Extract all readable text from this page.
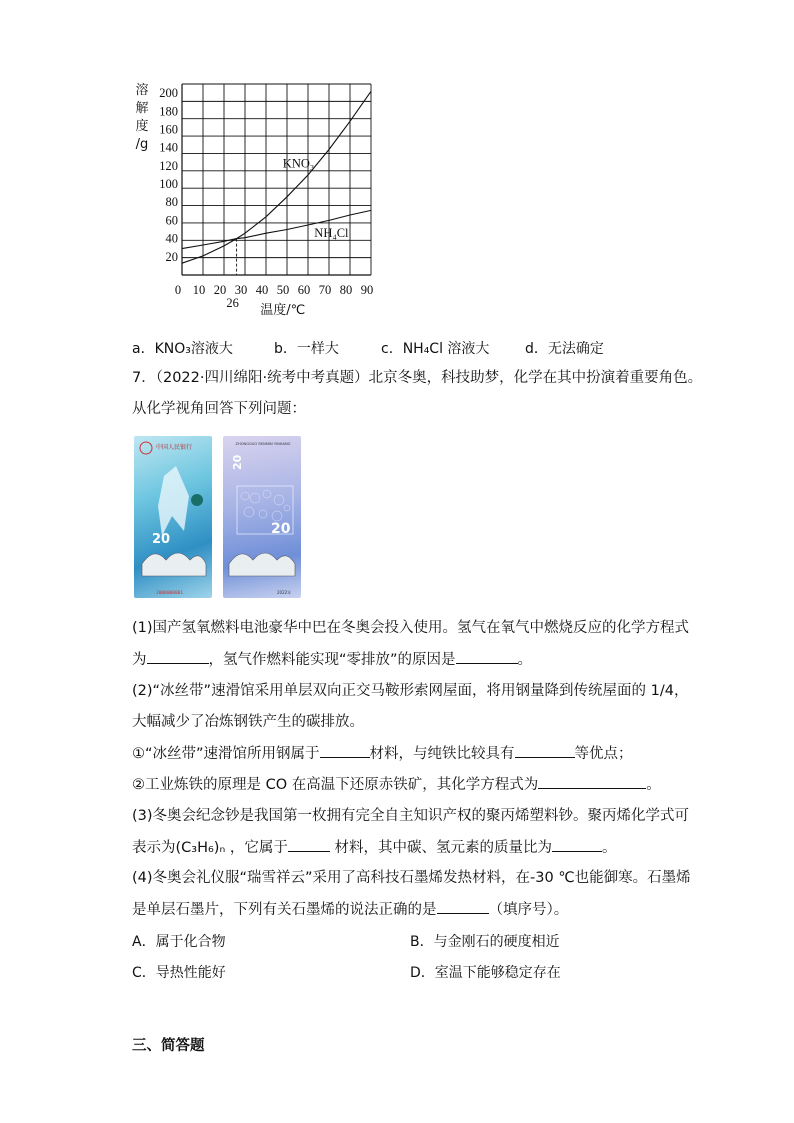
20
40
60
80
100
120
140
160
180
200
0 10 20 30 40 50 60 70 80 90
溶
解
度
/g
26 温度/℃
KNO₃
NH₄Cl
a．KNO₃溶液大	b．一样大	c．NH₄Cl 溶液大	d．无法确定
7．（2022·四川绵阳·统考中考真题）北京冬奥，科技助梦，化学在其中扮演着重要角色。
从化学视角回答下列问题：
中国人民银行
20
J000000001
ZHONGGUO RENMIN YINHANG
20
20
2022年
(1)国产氢氧燃料电池豪华中巴在冬奥会投入使用。氢气在氧气中燃烧反应的化学方程式
为	，氢气作燃料能实现“零排放”的原因是	。
(2)“冰丝带”速滑馆采用单层双向正交马鞍形索网屋面，将用钢量降到传统屋面的 1/4，
大幅减少了冶炼钢铁产生的碳排放。
①“冰丝带”速滑馆所用钢属于	材料，与纯铁比较具有	等优点；
②工业炼铁的原理是 CO 在高温下还原赤铁矿，其化学方程式为	。
(3)冬奥会纪念钞是我国第一枚拥有完全自主知识产权的聚丙烯塑料钞。聚丙烯化学式可
表示为(C₃H₆)ₙ ，它属于	材料，其中碳、氢元素的质量比为	。
(4)冬奥会礼仪服“瑞雪祥云”采用了高科技石墨烯发热材料，在-30 ℃也能御寒。石墨烯
是单层石墨片，下列有关石墨烯的说法正确的是	（填序号）。
A．属于化合物	B．与金刚石的硬度相近
C．导热性能好	D．室温下能够稳定存在
三、简答题
